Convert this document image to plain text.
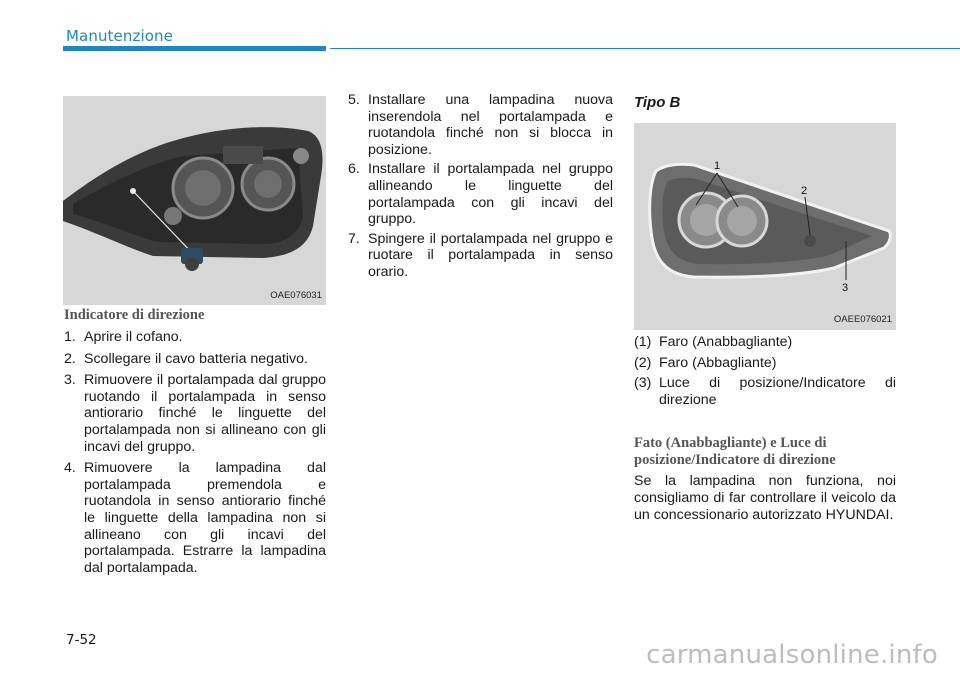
Manutenzione
OAE076031
Indicatore di direzione
1. Aprire il cofano.
2. Scollegare il cavo batteria negativo.
3. Rimuovere il portalampada dal gruppo ruotando il portalampada in senso antiorario finché le linguette del portalampada non si allineano con gli incavi del gruppo.
4. Rimuovere la lampadina dal portalampada premendola e ruotandola in senso antiorario finché le linguette della lampadina non si allineano con gli incavi del portalampada. Estrarre la lampadina dal portalampada.
5. Installare una lampadina nuova inserendola nel portalampada e ruotandola finché non si blocca in posizione.
6. Installare il portalampada nel gruppo allineando le linguette del portalampada con gli incavi del gruppo.
7. Spingere il portalampada nel gruppo e ruotare il portalampada in senso orario.
Tipo B
1
2
3
OAEE076021
(1) Faro (Anabbagliante)
(2) Faro (Abbagliante)
(3) Luce di posizione/Indicatore di direzione
Fato (Anabbagliante) e Luce di posizione/Indicatore di direzione
Se la lampadina non funziona, noi consigliamo di far controllare il veicolo da un concessionario autorizzato HYUNDAI.
7-52	carmanualsonline.info
